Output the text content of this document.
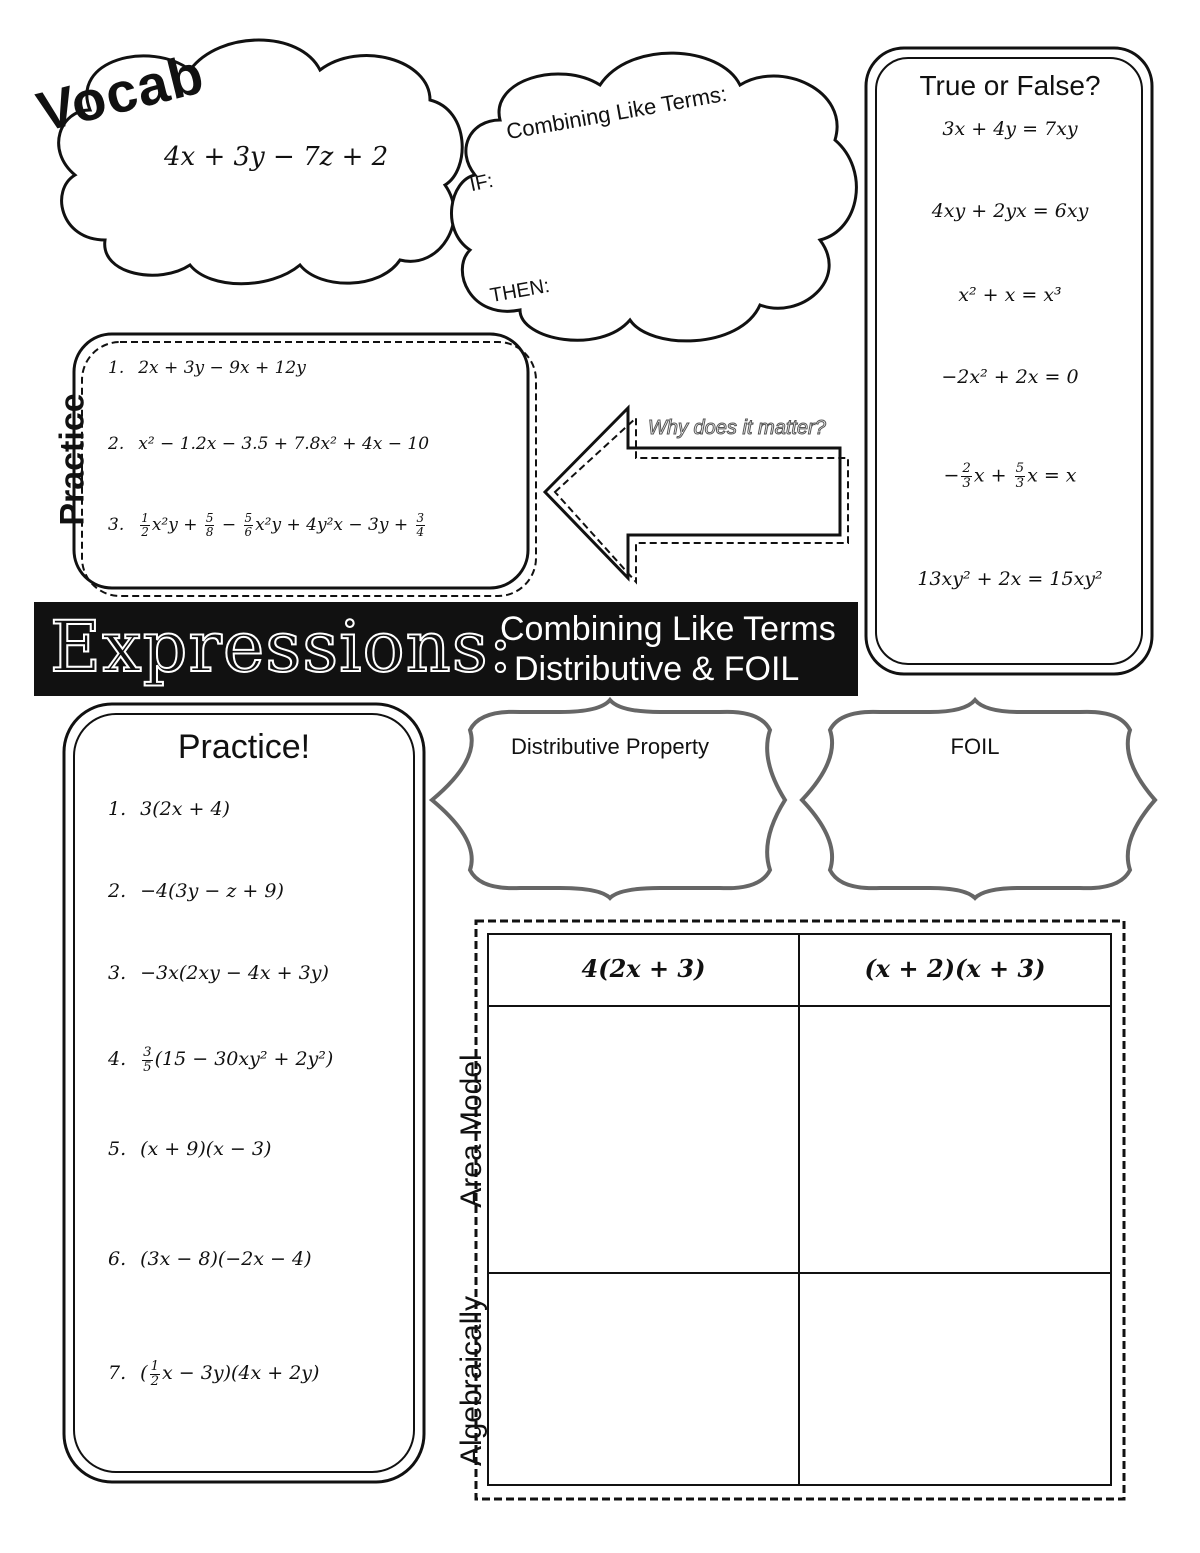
Vocab
4x + 3y − 7z + 2
Combining Like Terms:
IF:
THEN:
True or False?
3x + 4y = 7xy
4xy + 2yx = 6xy
x² + x = x³
−2x² + 2x = 0
− $\frac{2}{3}$ $x + \frac{5}{3}$ x = x
13xy² + 2x = 15xy²
Practice
1. 2x + 3y − 9x + 12y
2. x² − 1.2x − 3.5 + 7.8x² + 4x − 10
3. $\frac{1}{2} x^2y + \frac{5}{8} - \frac{5}{6} x^2y + 4y^2x - 3y + \frac{3}{4}$
Why does it matter?
Expressions:
Combining Like Terms
Distributive & FOIL
Practice!
1. 3(2x + 4)
2. −4(3y − z + 9)
3. −3x(2xy − 4x + 3y)
4. $\frac{3}{5} (15 - 30xy^2 + 2y^2)$
5. (x + 9)(x − 3)
6. (3x − 8)(−2x − 4)
7. ( $\frac{1}{2}$ x − 3y)(4x + 2y)
Distributive Property	FOIL
4(2x + 3)	(x + 2)(x + 3)
Area Model
Algebraically
